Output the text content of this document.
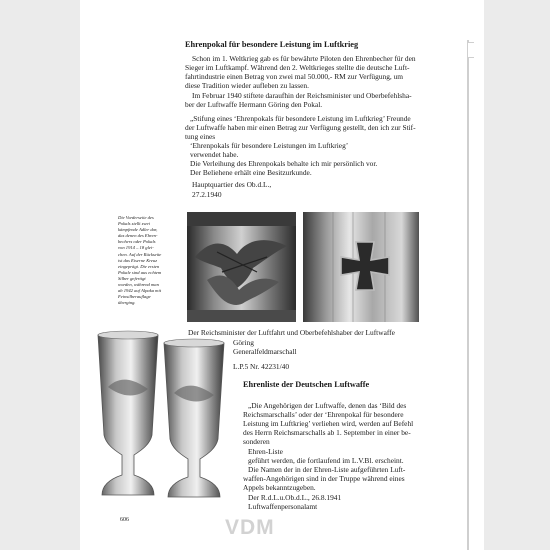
Ehrenpokal für besondere Leistung im Luftkrieg
Schon im 1. Weltkrieg gab es für bewährte Piloten den Ehrenbecher für den
Sieger im Luftkampf. Während den 2. Weltkrieges stellte die deutsche Luft-
fahrtindustrie einen Betrag von zwei mal 50.000,- RM zur Verfügung, um
diese Tradition wieder aufleben zu lassen.
Im Februar 1940 stiftete daraufhin der Reichsminister und Oberbefehlsha-
ber der Luftwaffe Hermann Göring den Pokal.
„Stifung eines ‘Ehrenpokals für besondere Leistung im Luftkrieg’ Freunde
der Luftwaffe haben mir einen Betrag zur Verfügung gestellt, den ich zur Stif-
tung eines
‘Ehrenpokals für besondere Leistungen im Luftkrieg’
verwendet habe.
Die Verleihung des Ehrenpokals behalte ich mir persönlich vor.
Der Beliehene erhält eine Besitzurkunde.
Hauptquartier des Ob.d.L.,
27.2.1940
Die Vorderseite des
Pokals stellt zwei
kämpfende Adler dar,
das denen des Ehren-
bechers oder Pokals
von 1914 – 18 glei-
chen. Auf der Rückseite
ist das Eiserne Kreuz
eingeprägt. Die ersten
Pokale sind aus echtem
Silber gefertigt
worden, während man
ab 1942 auf Alpaka mit
Feinsilberauflage
überging.
Der Reichsminister der Luftfahrt und Oberbefehlshaber der Luftwaffe
Göring
Generalfeldmarschall
L.P.5 Nr. 42231/40
Ehrenliste der Deutschen Luftwaffe
„Die Angehörigen der Luftwaffe, denen das ‘Bild des
Reichsmarschalls’ oder der ‘Ehrenpokal für besondere
Leistung im Luftkrieg’ verliehen wird, werden auf Befehl
des Herrn Reichsmarschalls ab 1. September in einer be-
sonderen
Ehren-Liste
geführt werden, die fortlaufend im L.V.Bl. erscheint.
Die Namen der in der Ehren-Liste aufgeführten Luft-
waffen-Angehörigen sind in der Truppe während eines
Appels bekanntzugeben.
Der R.d.L.u.Ob.d.L., 26.8.1941
Luftwaffenpersonalamt
606	VDM
